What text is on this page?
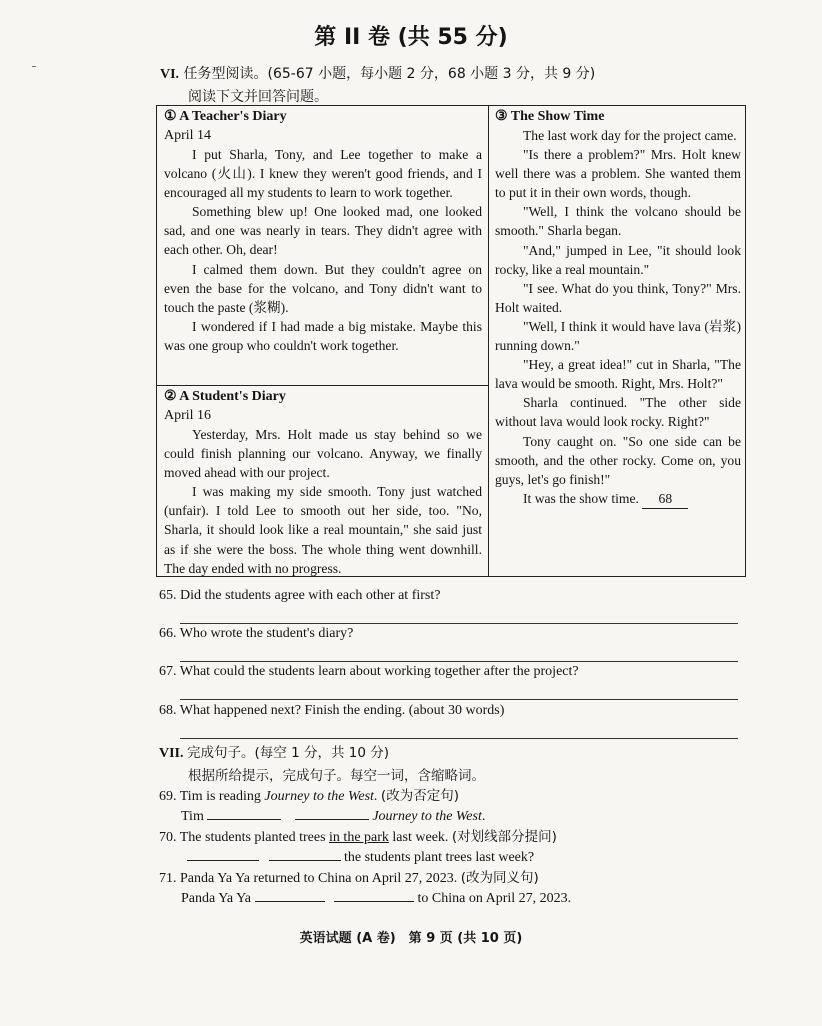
第 II 卷 (共 55 分)
VI. 任务型阅读。(65-67 小题，每小题 2 分，68 小题 3 分，共 9 分)
阅读下文并回答问题。
① A Teacher's Diary
April 14

I put Sharla, Tony, and Lee together to make a volcano (火山). I knew they weren't good friends, and I encouraged all my students to learn to work together.

Something blew up! One looked mad, one looked sad, and one was nearly in tears. They didn't agree with each other. Oh, dear!

I calmed them down. But they couldn't agree on even the base for the volcano, and Tony didn't want to touch the paste (浆糊).

I wondered if I had made a big mistake. Maybe this was one group who couldn't work together.

② A Student's Diary
April 16

Yesterday, Mrs. Holt made us stay behind so we could finish planning our volcano. Anyway, we finally moved ahead with our project.

I was making my side smooth. Tony just watched (unfair). I told Lee to smooth out her side, too. "No, Sharla, it should look like a real mountain," she said just as if she were the boss. The whole thing went downhill. The day ended with no progress.

③ The Show Time

The last work day for the project came.

"Is there a problem?" Mrs. Holt knew well there was a problem. She wanted them to put it in their own words, though.

"Well, I think the volcano should be smooth." Sharla began.

"And," jumped in Lee, "it should look rocky, like a real mountain."

"I see. What do you think, Tony?" Mrs. Holt waited.

"Well, I think it would have lava (岩浆) running down."

"Hey, a great idea!" cut in Sharla, "The lava would be smooth. Right, Mrs. Holt?"

Sharla continued. "The other side without lava would look rocky. Right?"

Tony caught on. "So one side can be smooth, and the other rocky. Come on, you guys, let's go finish!"

It was the show time. 68

65. Did the students agree with each other at first?
66. Who wrote the student's diary?
67. What could the students learn about working together after the project?
68. What happened next? Finish the ending. (about 30 words)
VII. 完成句子。(每空 1 分，共 10 分)
根据所给提示，完成句子。每空一词，含缩略词。
69. Tim is reading Journey to the West. (改为否定句)
Tim	Journey to the West.
70. The students planted trees in the park last week. (对划线部分提问)
the students plant trees last week?
71. Panda Ya Ya returned to China on April 27, 2023. (改为同义句)
Panda Ya Ya	to China on April 27, 2023.
英语试题 (A 卷)　第 9 页 (共 10 页)
